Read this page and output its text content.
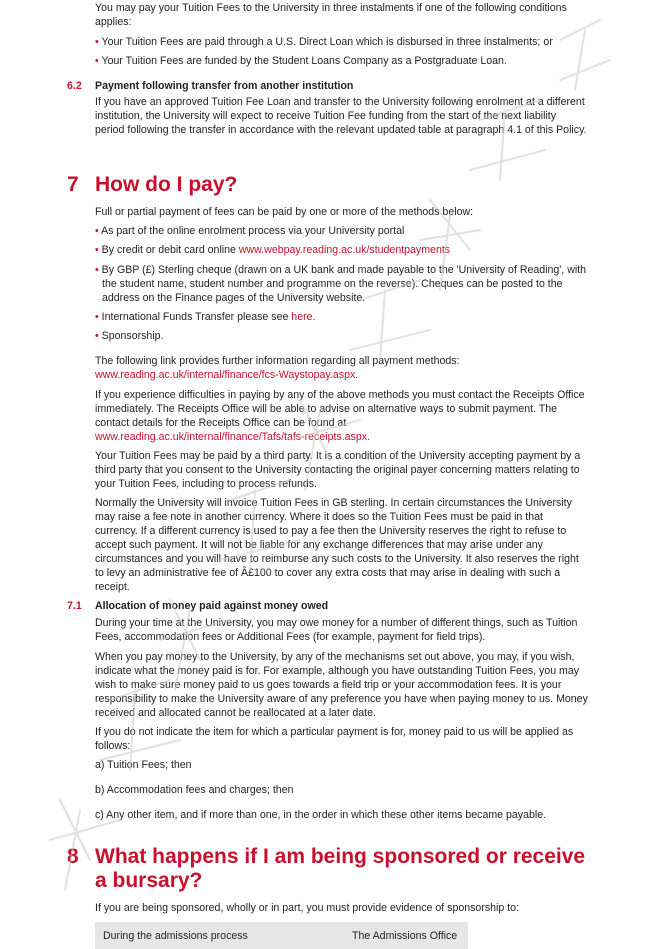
You may pay your Tuition Fees to the University in three instalments if one of the following conditions applies:

• Your Tuition Fees are paid through a U.S. Direct Loan which is disbursed in three instalments; or

• Your Tuition Fees are funded by the Student Loans Company as a Postgraduate Loan.

6.2 Payment following transfer from another institution

If you have an approved Tuition Fee Loan and transfer to the University following enrolment at a different institution, the University will expect to receive Tuition Fee funding from the start of the next liability period following the transfer in accordance with the relevant updated table at paragraph 4.1 of this Policy.

7 How do I pay?

Full or partial payment of fees can be paid by one or more of the methods below:

• As part of the online enrolment process via your University portal

• By credit or debit card online www.webpay.reading.ac.uk/studentpayments

• By GBP (£) Sterling cheque (drawn on a UK bank and made payable to the 'University of Reading', with the student name, student number and programme on the reverse). Cheques can be posted to the address on the Finance pages of the University website.

• International Funds Transfer please see here.

• Sponsorship.

The following link provides further information regarding all payment methods:
www.reading.ac.uk/internal/finance/fcs-Waystopay.aspx.

If you experience difficulties in paying by any of the above methods you must contact the Receipts Office immediately. The Receipts Office will be able to advise on alternative ways to submit payment. The contact details for the Receipts Office can be found at
www.reading.ac.uk/internal/finance/Tafs/tafs-receipts.aspx.

Your Tuition Fees may be paid by a third party. It is a condition of the University accepting payment by a third party that you consent to the University contacting the original payer concerning matters relating to your Tuition Fees, including to process refunds.

Normally the University will invoice Tuition Fees in GB sterling. In certain circumstances the University may raise a fee note in another currency. Where it does so the Tuition Fees must be paid in that currency. If a different currency is used to pay a fee then the University reserves the right to refuse to accept such payment. It will not be liable for any exchange differences that may arise under any circumstances and you will have to reimburse any such costs to the University. It also reserves the right to levy an administrative fee of Â£100 to cover any extra costs that may arise in dealing with such a receipt.

7.1 Allocation of money paid against money owed

During your time at the University, you may owe money for a number of different things, such as Tuition Fees, accommodation fees or Additional Fees (for example, payment for field trips).

When you pay money to the University, by any of the mechanisms set out above, you may, if you wish, indicate what the money paid is for. For example, although you have outstanding Tuition Fees, you may wish to make sure money paid to us goes towards a field trip or your accommodation fees. It is your responsibility to make the University aware of any preference you have when paying money to us. Money received and allocated cannot be reallocated at a later date.

If you do not indicate the item for which a particular payment is for, money paid to us will be applied as follows:

a) Tuition Fees; then

b) Accommodation fees and charges; then

c) Any other item, and if more than one, in the order in which these other items became payable.

8 What happens if I am being sponsored or receive a bursary?

If you are being sponsored, wholly or in part, you must provide evidence of sponsorship to:

During the admissions process	The Admissions Office
